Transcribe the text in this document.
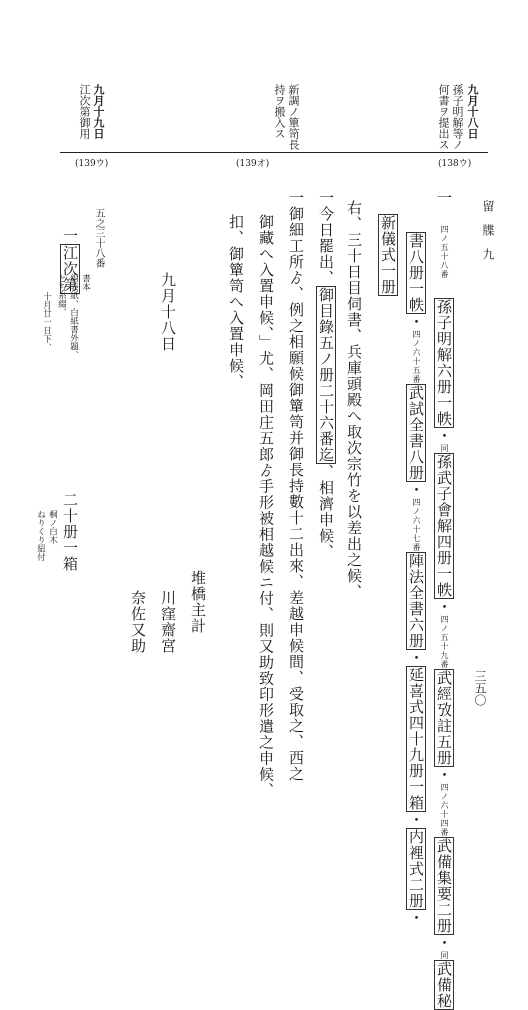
三五〇
留　牒　九
九月十八日
孫子明解等ノ
何書ヲ提出ス
新調ノ簞笥長
持ヲ搬入ス
九月十九日
江次第御用
(138ウ)
(139オ)
(139ウ)
一 四ノ五十八番 孫子明解六册一帙・同孫武子會解四册一帙・四ノ五十九番武經攷註五册・四ノ六十四番武備集要二册・同武備秘
書八册一帙・四ノ六十五番武試全書八册・四ノ六十七番陣法全書六册・延喜式四十九册一箱・内裡式二册・
新儀式一册
右、三十日目伺書、兵庫頭殿へ取次宗竹を以差出之候、
一今日罷出、御目錄五ノ册二十六番迄、相濟申候、
一御細工所ゟ、例之相願候御簞笥并御長持數十二出來、差越申候間、受取之、西之
御藏へ入置申候、」尤、岡田庄五郎ゟ手形被相越候ニ付、則又助致印形遣之申候、
扣、御簞笥へ入置申候、
九月十八日
堆橋主計
川窪齋宮
奈佐又助
五之三十八番
一江次第 書本
紺表紙、白紙書外題、
とち糸綴、
十月廿一日下、
二十册一箱
桐ノ白木
ねりくり紐付
